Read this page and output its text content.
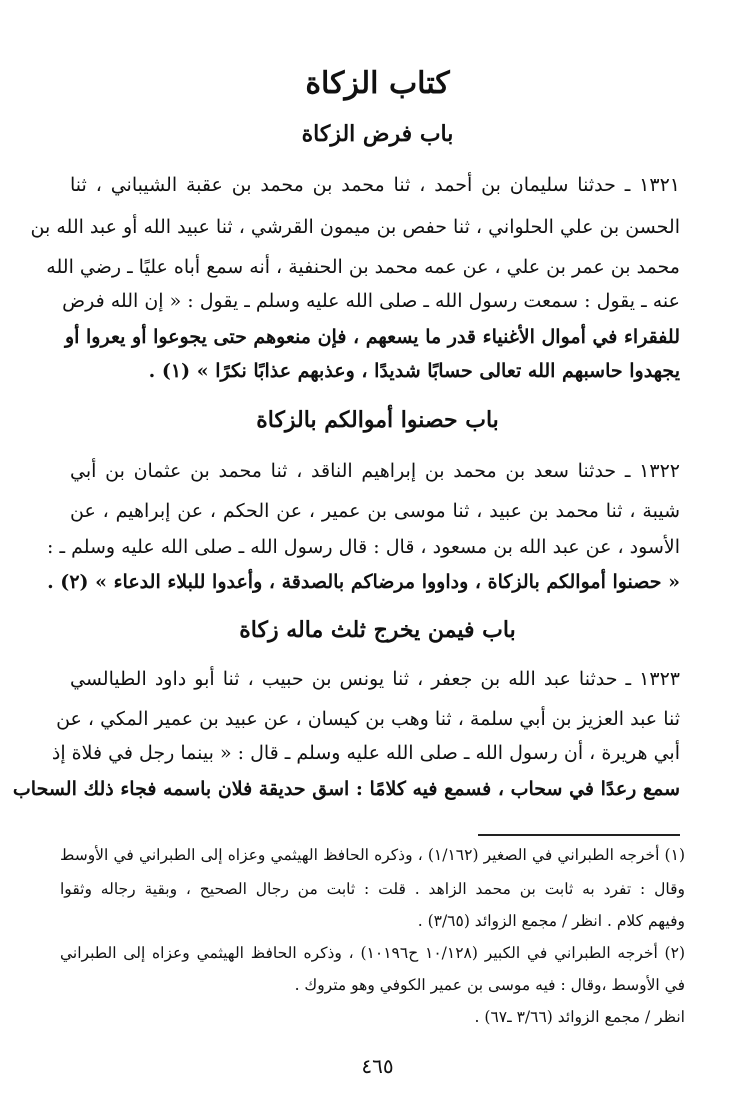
كتاب الزكاة
باب فرض الزكاة
١٣٢١ ـ حدثنا سليمان بن أحمد ، ثنا محمد بن محمد بن عقبة الشيباني ، ثنا
الحسن بن علي الحلواني ، ثنا حفص بن ميمون القرشي ، ثنا عبيد الله أو عبد الله بن
محمد بن عمر بن علي ، عن عمه محمد بن الحنفية ، أنه سمع أباه عليًا ـ رضي الله
عنه ـ يقول : سمعت رسول الله ـ صلى الله عليه وسلم ـ يقول : « إن الله فرض
للفقراء في أموال الأغنياء قدر ما يسعهم ، فإن منعوهم حتى يجوعوا أو يعروا أو
يجهدوا حاسبهم الله تعالى حسابًا شديدًا ، وعذبهم عذابًا نكرًا » (١) .
باب حصنوا أموالكم بالزكاة
١٣٢٢ ـ حدثنا سعد بن محمد بن إبراهيم الناقد ، ثنا محمد بن عثمان بن أبي
شيبة ، ثنا محمد بن عبيد ، ثنا موسى بن عمير ، عن الحكم ، عن إبراهيم ، عن
الأسود ، عن عبد الله بن مسعود ، قال : قال رسول الله ـ صلى الله عليه وسلم ـ :
« حصنوا أموالكم بالزكاة ، وداووا مرضاكم بالصدقة ، وأعدوا للبلاء الدعاء » (٢) .
باب فيمن يخرج ثلث ماله زكاة
١٣٢٣ ـ حدثنا عبد الله بن جعفر ، ثنا يونس بن حبيب ، ثنا أبو داود الطيالسي
ثنا عبد العزيز بن أبي سلمة ، ثنا وهب بن كيسان ، عن عبيد بن عمير المكي ، عن
أبي هريرة ، أن رسول الله ـ صلى الله عليه وسلم ـ قال : « بينما رجل في فلاة إذ
سمع رعدًا في سحاب ، فسمع فيه كلامًا : اسق حديقة فلان باسمه فجاء ذلك السحاب
(١) أخرجه الطبراني في الصغير (١/١٦٢) ، وذكره الحافظ الهيثمي وعزاه إلى الطبراني في الأوسط
وقال : تفرد به ثابت بن محمد الزاهد . قلت : ثابت من رجال الصحيح ، وبقية رجاله وثقوا
وفيهم كلام . انظر / مجمع الزوائد (٣/٦٥) .
(٢) أخرجه الطبراني في الكبير (١٠/١٢٨ ح١٠١٩٦) ، وذكره الحافظ الهيثمي وعزاه إلى الطبراني
في الأوسط ،وقال : فيه موسى بن عمير الكوفي وهو متروك .
انظر / مجمع الزوائد (٣/٦٦ ـ٦٧) .
٤٦٥
